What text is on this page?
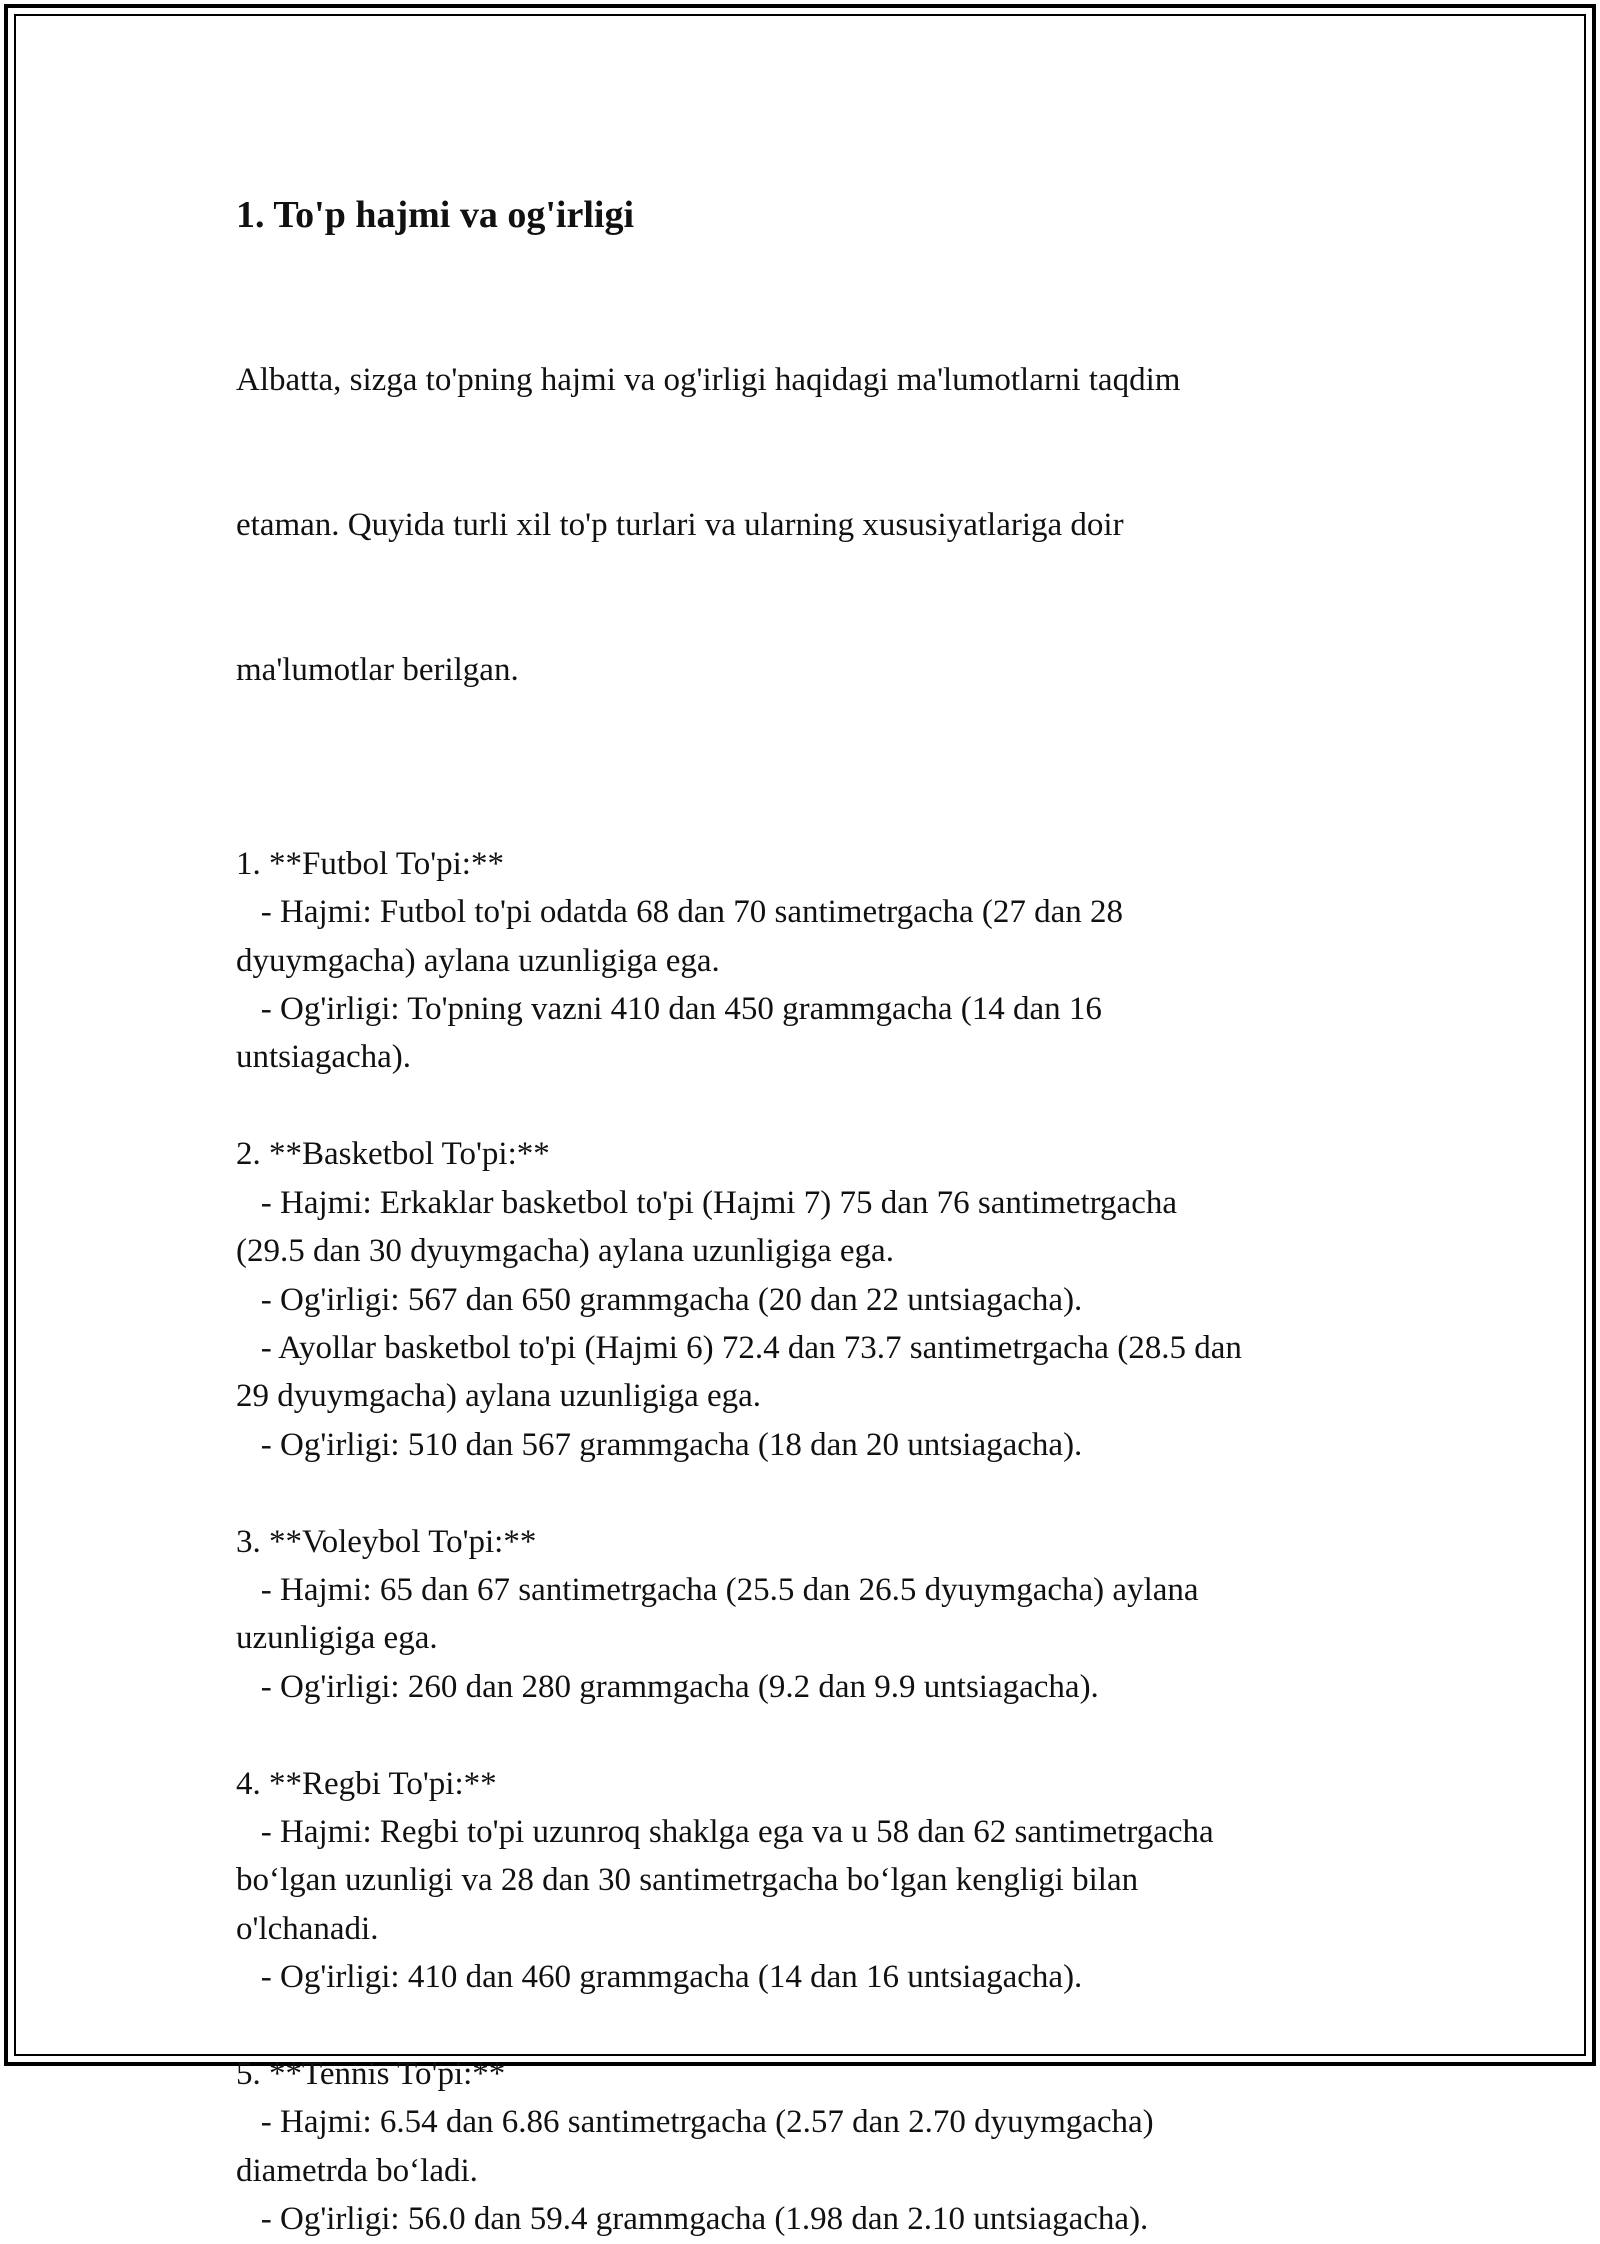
1. To'p hajmi va og'irligi

Albatta, sizga to'pning hajmi va og'irligi haqidagi ma'lumotlarni taqdim

etaman. Quyida turli xil to'p turlari va ularning xususiyatlariga doir

ma'lumotlar berilgan.

1. **Futbol To'pi:**
- Hajmi: Futbol to'pi odatda 68 dan 70 santimetrgacha (27 dan 28
dyuymgacha) aylana uzunligiga ega.
- Og'irligi: To'pning vazni 410 dan 450 grammgacha (14 dan 16
untsiagacha).
2. **Basketbol To'pi:**
- Hajmi: Erkaklar basketbol to'pi (Hajmi 7) 75 dan 76 santimetrgacha
(29.5 dan 30 dyuymgacha) aylana uzunligiga ega.
- Og'irligi: 567 dan 650 grammgacha (20 dan 22 untsiagacha).
- Ayollar basketbol to'pi (Hajmi 6) 72.4 dan 73.7 santimetrgacha (28.5 dan
29 dyuymgacha) aylana uzunligiga ega.
- Og'irligi: 510 dan 567 grammgacha (18 dan 20 untsiagacha).
3. **Voleybol To'pi:**
- Hajmi: 65 dan 67 santimetrgacha (25.5 dan 26.5 dyuymgacha) aylana
uzunligiga ega.
- Og'irligi: 260 dan 280 grammgacha (9.2 dan 9.9 untsiagacha).
4. **Regbi To'pi:**
- Hajmi: Regbi to'pi uzunroq shaklga ega va u 58 dan 62 santimetrgacha
boʻlgan uzunligi va 28 dan 30 santimetrgacha boʻlgan kengligi bilan
o'lchanadi.
- Og'irligi: 410 dan 460 grammgacha (14 dan 16 untsiagacha).
5. **Tennis To'pi:**
- Hajmi: 6.54 dan 6.86 santimetrgacha (2.57 dan 2.70 dyuymgacha)
diametrda boʻladi.
- Og'irligi: 56.0 dan 59.4 grammgacha (1.98 dan 2.10 untsiagacha).
